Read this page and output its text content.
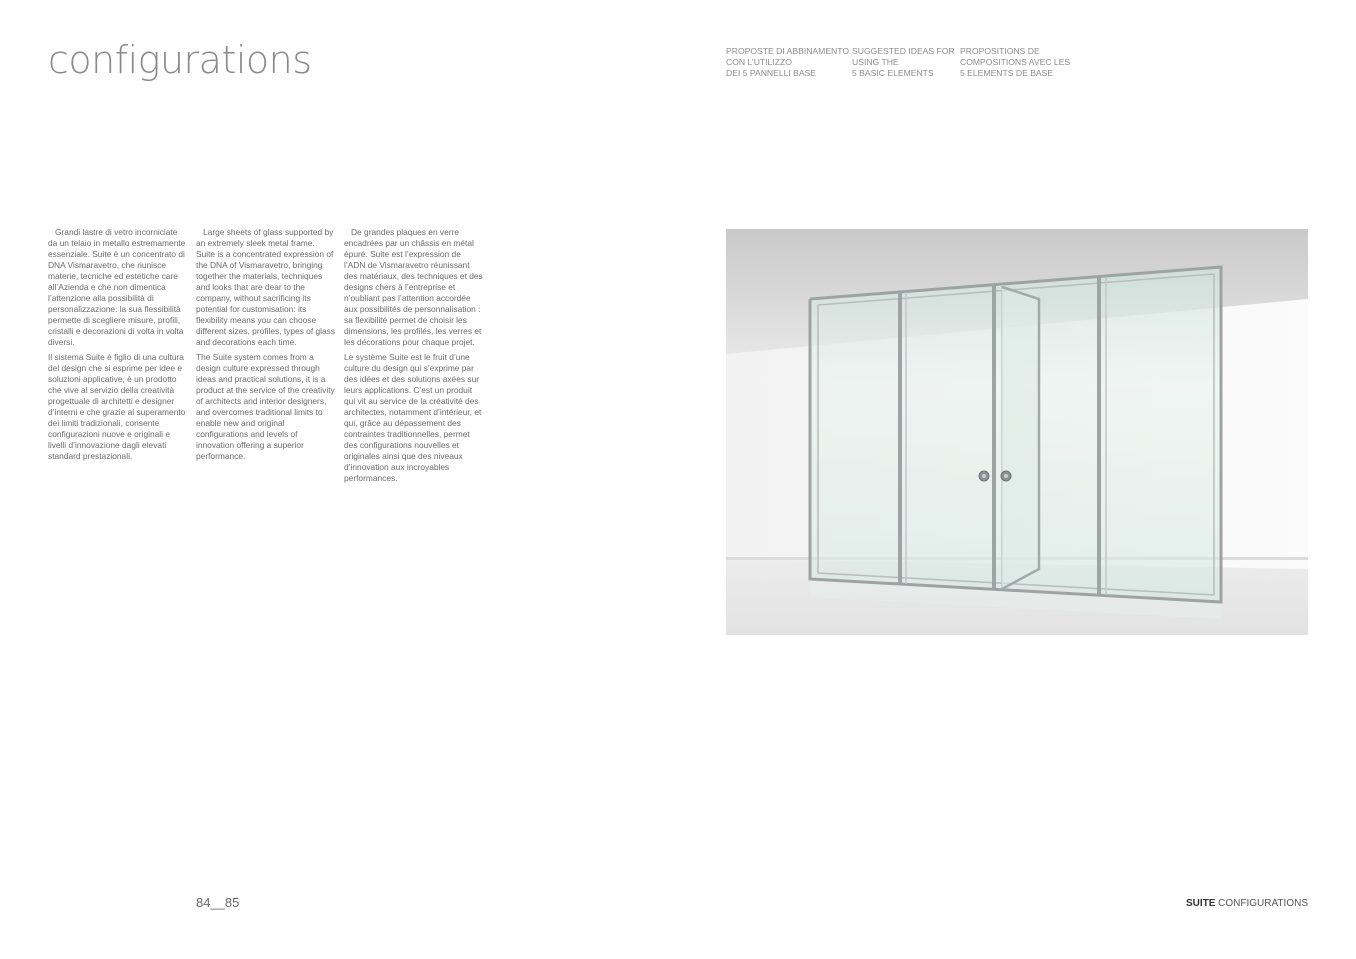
configurations	PROPOSTE DI ABBINAMENTO
CON L’UTILIZZO
DEI 5 PANNELLI BASE
SUGGESTED IDEAS FOR
USING THE
5 BASIC ELEMENTS
PROPOSITIONS DE
COMPOSITIONS AVEC LES
5 ELEMENTS DE BASE

Grandi lastre di vetro incorniciate da un telaio in metallo estremamente essenziale. Suite è un concentrato di DNA Vismaravetro, che riunisce materie, tecniche ed estetiche care all’Azienda e che non dimentica l’attenzione alla possibilità di personalizzazione: la sua flessibilità permette di scegliere misure, profili, cristalli e decorazioni di volta in volta diversi.

Il sistema Suite è figlio di una cultura del design che si esprime per idee e soluzioni applicative, è un prodotto che vive al servizio della creatività progettuale di architetti e designer d’interni e che grazie al superamento dei limiti tradizionali, consente configurazioni nuove e originali e livelli d’innovazione dagli elevati standard prestazionali.

Large sheets of glass supported by an extremely sleek metal frame. Suite is a concentrated expression of the DNA of Vismaravetro, bringing together the materials, techniques and looks that are dear to the company, without sacrificing its potential for customisation: its flexibility means you can choose different sizes, profiles, types of glass and decorations each time.

The Suite system comes from a design culture expressed through ideas and practical solutions, it is a product at the service of the creativity of architects and interior designers, and overcomes traditional limits to enable new and original configurations and levels of innovation offering a superior performance.

De grandes plaques en verre encadrées par un châssis en métal épuré. Suite est l’expression de l’ADN de Vismaravetro réunissant des matériaux, des techniques et des designs chers à l’entreprise et n’oubliant pas l’attention accordée aux possibilités de personnalisation : sa flexibilité permet de choisir les dimensions, les profilés, les verres et les décorations pour chaque projet.

Le système Suite est le fruit d’une culture du design qui s’exprime par des idées et des solutions axées sur leurs applications. C’est un produit qui vit au service de la créativité des architectes, notamment d’intérieur, et qui, grâce au dépassement des contraintes traditionnelles, permet des configurations nouvelles et originales ainsi que des niveaux d’innovation aux incroyables performances.

84__85	SUITE CONFIGURATIONS
